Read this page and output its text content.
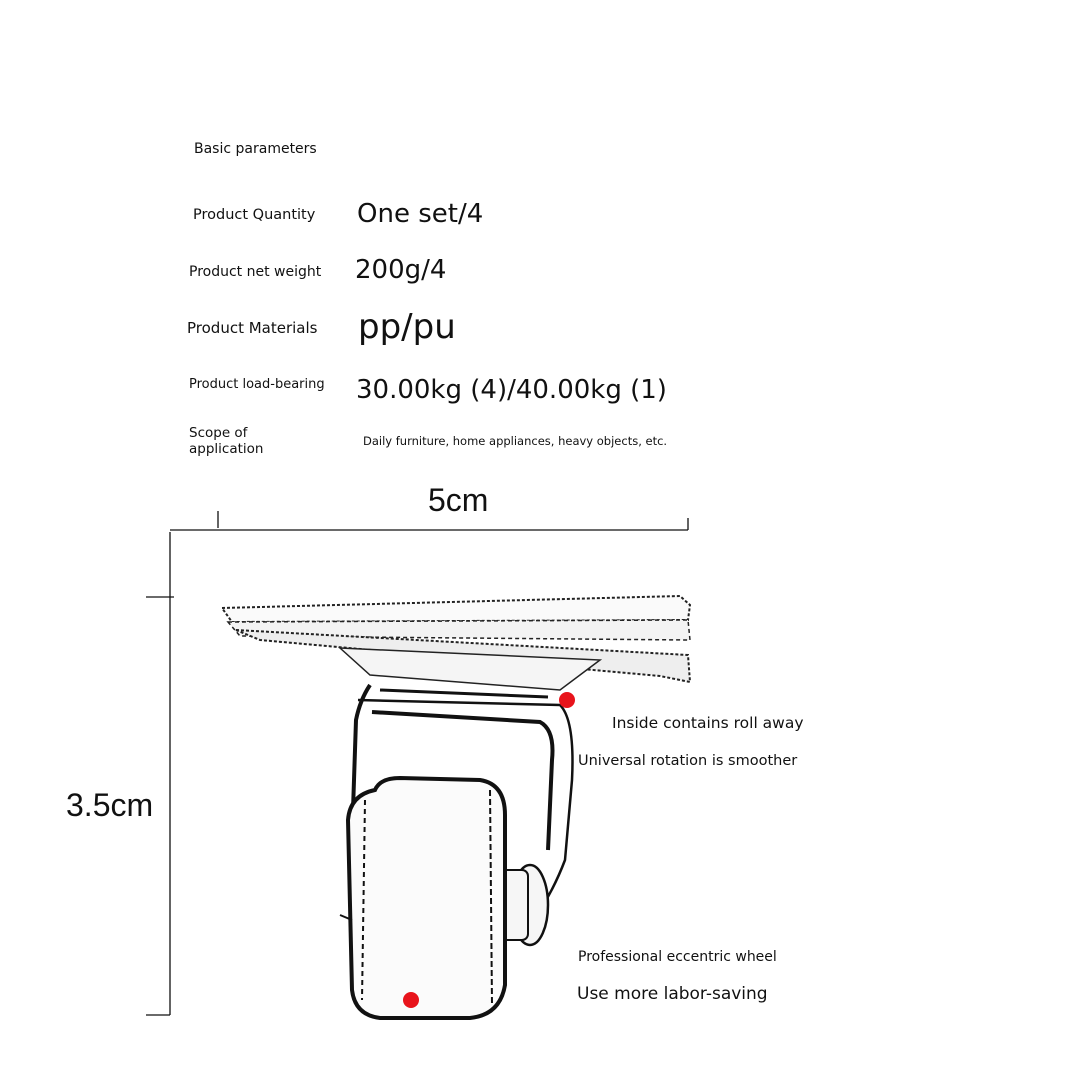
Basic parameters
Product Quantity One set/4
Product net weight 200g/4
Product Materials pp/pu
Product load-bearing 30.00kg (4)/40.00kg (1)
Scope of application	Daily furniture, home appliances, heavy objects, etc.
5cm
3.5cm
Inside contains roll away
Universal rotation is smoother
Professional eccentric wheel
Use more labor-saving
